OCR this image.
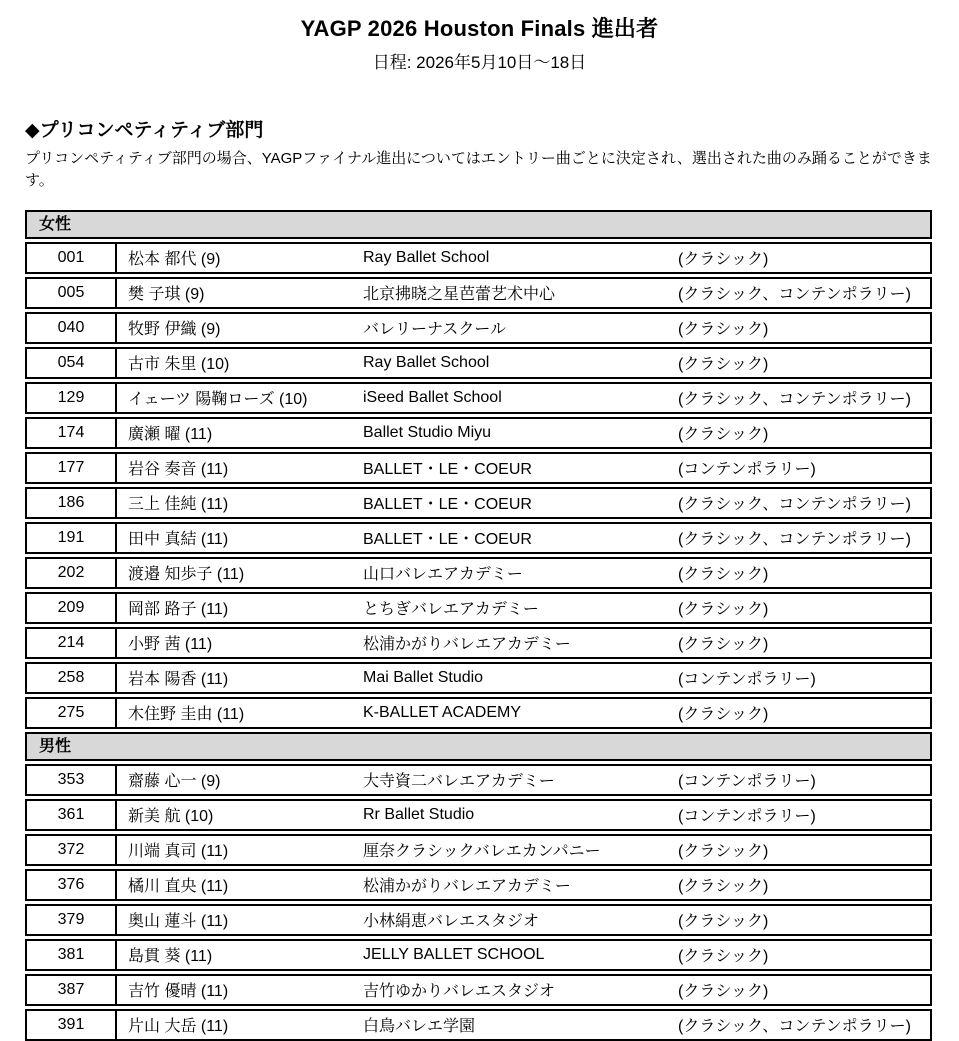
YAGP 2026 Houston Finals 進出者
日程: 2026年5月10日～18日
◆プリコンペティティブ部門
プリコンペティティブ部門の場合、YAGPファイナル進出についてはエントリー曲ごとに決定され、選出された曲のみ踊ることができます。
女性
001	松本 都代 (9)	Ray Ballet School	(クラシック)
005	樊 子琪 (9)	北京拂晓之星芭蕾艺术中心	(クラシック、コンテンポラリー)
040	牧野 伊織 (9)	バレリーナスクール	(クラシック)
054	古市 朱里 (10)	Ray Ballet School	(クラシック)
129	イェーツ 陽鞠ローズ (10)	iSeed Ballet School	(クラシック、コンテンポラリー)
174	廣瀬 曜 (11)	Ballet Studio Miyu	(クラシック)
177	岩谷 奏音 (11)	BALLET・LE・COEUR	(コンテンポラリー)
186	三上 佳純 (11)	BALLET・LE・COEUR	(クラシック、コンテンポラリー)
191	田中 真結 (11)	BALLET・LE・COEUR	(クラシック、コンテンポラリー)
202	渡邉 知歩子 (11)	山口バレエアカデミー	(クラシック)
209	岡部 路子 (11)	とちぎバレエアカデミー	(クラシック)
214	小野 茜 (11)	松浦かがりバレエアカデミー	(クラシック)
258	岩本 陽香 (11)	Mai Ballet Studio	(コンテンポラリー)
275	木住野 圭由 (11)	K-BALLET ACADEMY	(クラシック)
男性
353	齋藤 心一 (9)	大寺資二バレエアカデミー	(コンテンポラリー)
361	新美 航 (10)	Rr Ballet Studio	(コンテンポラリー)
372	川端 真司 (11)	厘奈クラシックバレエカンパニー	(クラシック)
376	橘川 直央 (11)	松浦かがりバレエアカデミー	(クラシック)
379	奥山 蓮斗 (11)	小林絹恵バレエスタジオ	(クラシック)
381	島貫 葵 (11)	JELLY BALLET SCHOOL	(クラシック)
387	吉竹 優晴 (11)	吉竹ゆかりバレエスタジオ	(クラシック)
391	片山 大岳 (11)	白鳥バレエ学園	(クラシック、コンテンポラリー)
